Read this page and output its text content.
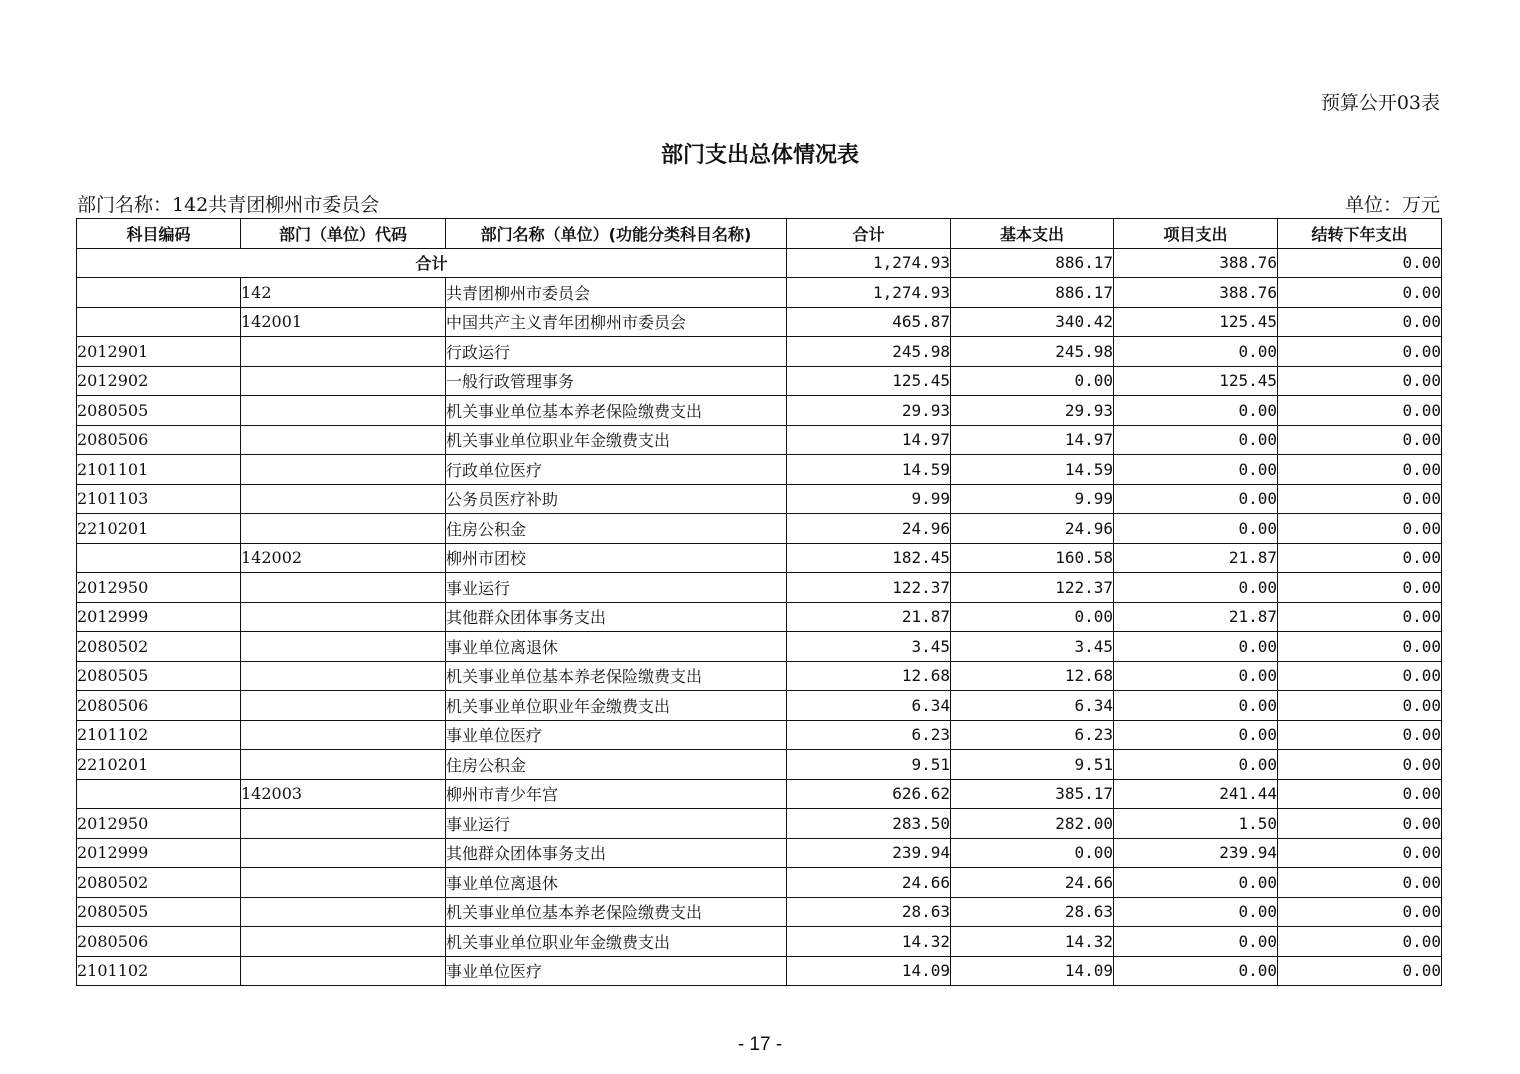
预算公开03表
部门支出总体情况表
部门名称：142共青团柳州市委员会	单位：万元
科目编码	部门（单位）代码	部门名称（单位）(功能分类科目名称)	合计	基本支出	项目支出	结转下年支出
合计			1,274.93	886.17	388.76	0.00
	142	共青团柳州市委员会	1,274.93	886.17	388.76	0.00
	142001	中国共产主义青年团柳州市委员会	465.87	340.42	125.45	0.00
2012901		行政运行	245.98	245.98	0.00	0.00
2012902		一般行政管理事务	125.45	0.00	125.45	0.00
2080505		机关事业单位基本养老保险缴费支出	29.93	29.93	0.00	0.00
2080506		机关事业单位职业年金缴费支出	14.97	14.97	0.00	0.00
2101101		行政单位医疗	14.59	14.59	0.00	0.00
2101103		公务员医疗补助	9.99	9.99	0.00	0.00
2210201		住房公积金	24.96	24.96	0.00	0.00
	142002	柳州市团校	182.45	160.58	21.87	0.00
2012950		事业运行	122.37	122.37	0.00	0.00
2012999		其他群众团体事务支出	21.87	0.00	21.87	0.00
2080502		事业单位离退休	3.45	3.45	0.00	0.00
2080505		机关事业单位基本养老保险缴费支出	12.68	12.68	0.00	0.00
2080506		机关事业单位职业年金缴费支出	6.34	6.34	0.00	0.00
2101102		事业单位医疗	6.23	6.23	0.00	0.00
2210201		住房公积金	9.51	9.51	0.00	0.00
	142003	柳州市青少年宫	626.62	385.17	241.44	0.00
2012950		事业运行	283.50	282.00	1.50	0.00
2012999		其他群众团体事务支出	239.94	0.00	239.94	0.00
2080502		事业单位离退休	24.66	24.66	0.00	0.00
2080505		机关事业单位基本养老保险缴费支出	28.63	28.63	0.00	0.00
2080506		机关事业单位职业年金缴费支出	14.32	14.32	0.00	0.00
2101102		事业单位医疗	14.09	14.09	0.00	0.00
- 17 -
